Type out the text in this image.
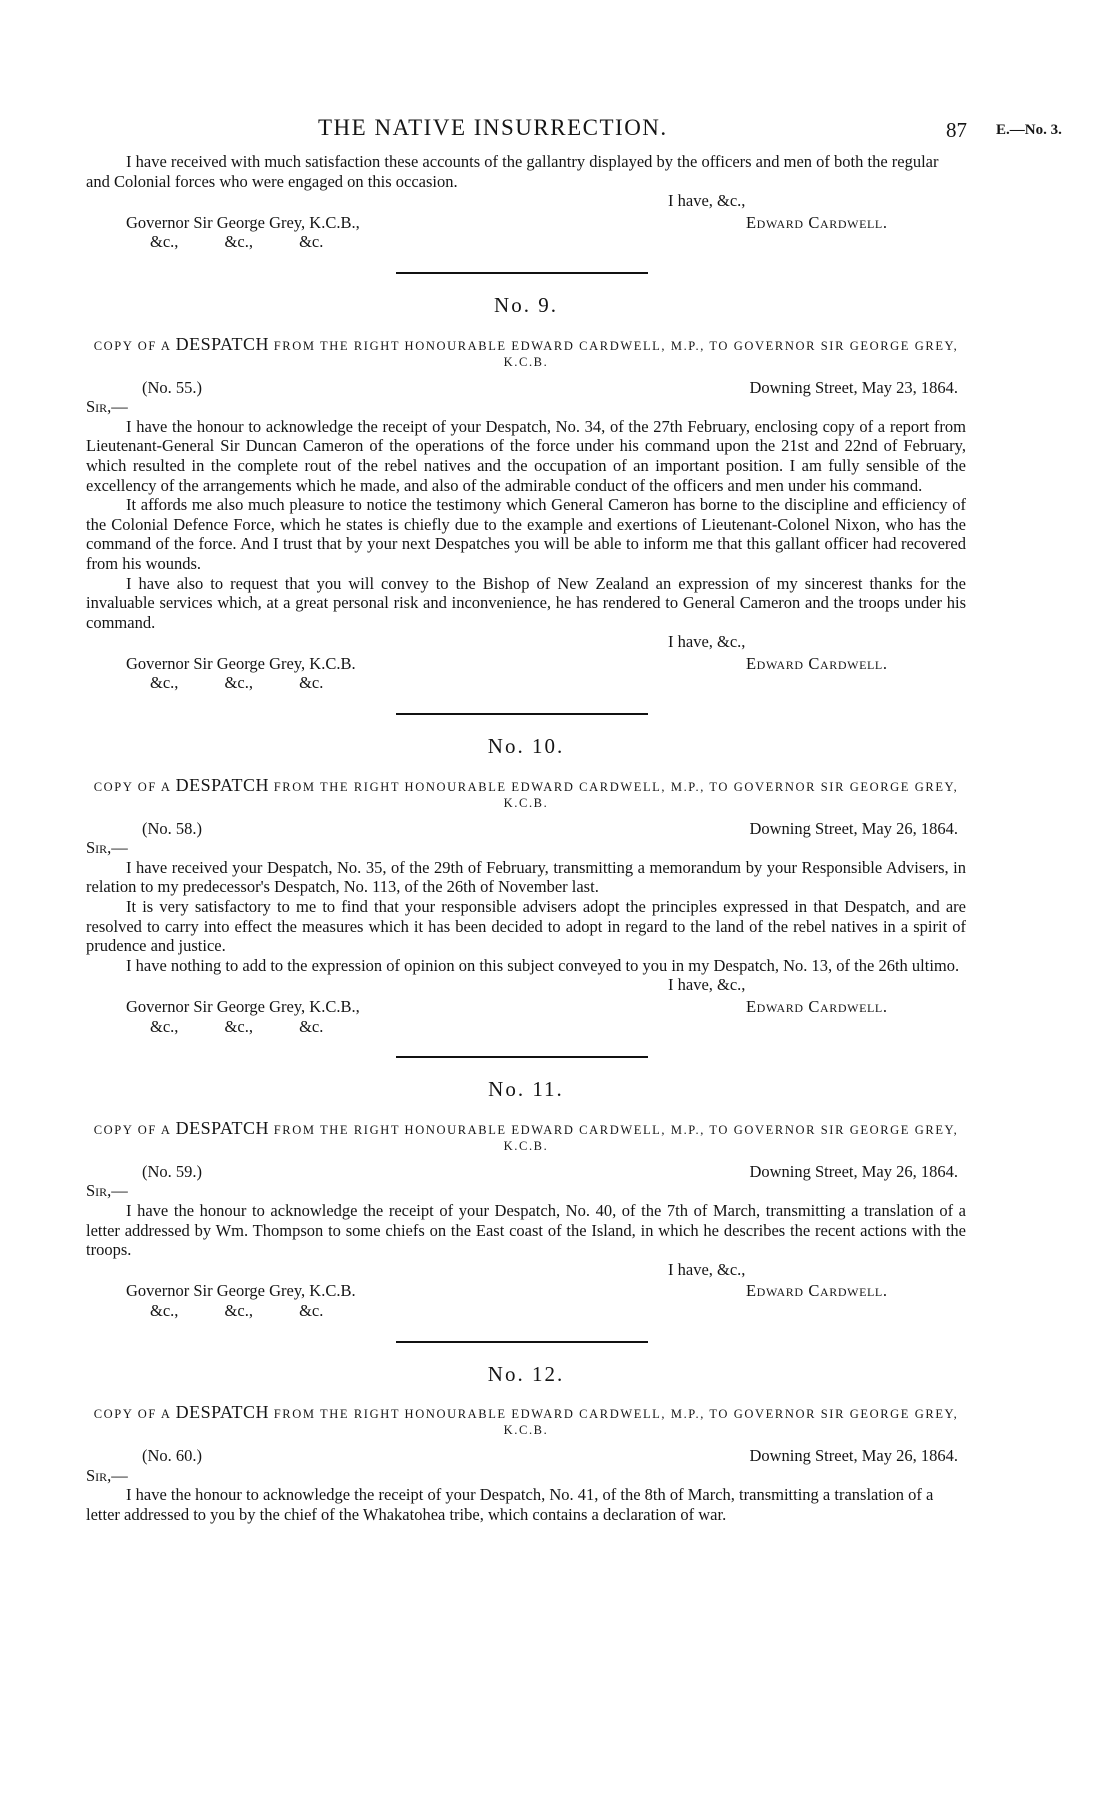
THE NATIVE INSURRECTION.	87 E.—No. 3.

I have received with much satisfaction these accounts of the gallantry displayed by the officers and men of both the regular and Colonial forces who were engaged on this occasion.

I have, &c.,
Governor Sir George Grey, K.C.B.,	Edward Cardwell.
&c., &c., &c.
No. 9.
COPY OF A DESPATCH FROM THE RIGHT HONOURABLE EDWARD CARDWELL, M.P., TO GOVERNOR SIR GEORGE GREY, K.C.B.
(No. 55.)	Downing Street, May 23, 1864.
Sir,—

I have the honour to acknowledge the receipt of your Despatch, No. 34, of the 27th February, enclosing copy of a report from Lieutenant-General Sir Duncan Cameron of the operations of the force under his command upon the 21st and 22nd of February, which resulted in the complete rout of the rebel natives and the occupation of an important position. I am fully sensible of the excellency of the arrangements which he made, and also of the admirable conduct of the officers and men under his command.

It affords me also much pleasure to notice the testimony which General Cameron has borne to the discipline and efficiency of the Colonial Defence Force, which he states is chiefly due to the example and exertions of Lieutenant-Colonel Nixon, who has the command of the force. And I trust that by your next Despatches you will be able to inform me that this gallant officer had recovered from his wounds.

I have also to request that you will convey to the Bishop of New Zealand an expression of my sincerest thanks for the invaluable services which, at a great personal risk and inconvenience, he has rendered to General Cameron and the troops under his command.

I have, &c.,
Governor Sir George Grey, K.C.B.	Edward Cardwell.
&c., &c., &c.
No. 10.
COPY OF A DESPATCH FROM THE RIGHT HONOURABLE EDWARD CARDWELL, M.P., TO GOVERNOR SIR GEORGE GREY, K.C.B.
(No. 58.)	Downing Street, May 26, 1864.
Sir,—

I have received your Despatch, No. 35, of the 29th of February, transmitting a memorandum by your Responsible Advisers, in relation to my predecessor's Despatch, No. 113, of the 26th of November last.

It is very satisfactory to me to find that your responsible advisers adopt the principles expressed in that Despatch, and are resolved to carry into effect the measures which it has been decided to adopt in regard to the land of the rebel natives in a spirit of prudence and justice.

I have nothing to add to the expression of opinion on this subject conveyed to you in my Despatch, No. 13, of the 26th ultimo.

I have, &c.,
Governor Sir George Grey, K.C.B.,	Edward Cardwell.
&c., &c., &c.
No. 11.
COPY OF A DESPATCH FROM THE RIGHT HONOURABLE EDWARD CARDWELL, M.P., TO GOVERNOR SIR GEORGE GREY, K.C.B.
(No. 59.)	Downing Street, May 26, 1864.
Sir,—

I have the honour to acknowledge the receipt of your Despatch, No. 40, of the 7th of March, transmitting a translation of a letter addressed by Wm. Thompson to some chiefs on the East coast of the Island, in which he describes the recent actions with the troops.

I have, &c.,
Governor Sir George Grey, K.C.B.	Edward Cardwell.
&c., &c., &c.
No. 12.
COPY OF A DESPATCH FROM THE RIGHT HONOURABLE EDWARD CARDWELL, M.P., TO GOVERNOR SIR GEORGE GREY, K.C.B.
(No. 60.)	Downing Street, May 26, 1864.
Sir,—

I have the honour to acknowledge the receipt of your Despatch, No. 41, of the 8th of March, transmitting a translation of a letter addressed to you by the chief of the Whakatohea tribe, which contains a declaration of war.
